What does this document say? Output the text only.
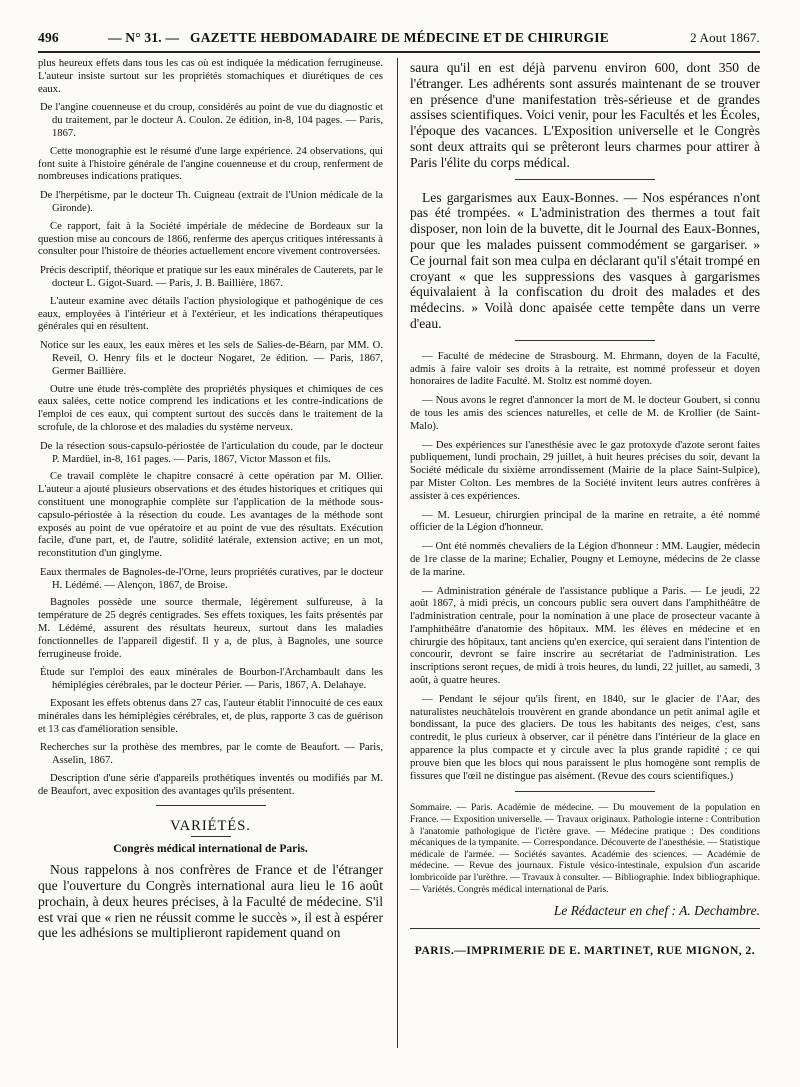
496	— N° 31. — GAZETTE HEBDOMADAIRE DE MÉDECINE ET DE CHIRURGIE	2 Aout 1867.

plus heureux effets dans tous les cas où est indiquée la médication ferrugineuse. L'auteur insiste surtout sur les propriétés stomachiques et diurétiques de ces eaux.

De l'angine couenneuse et du croup, considérés au point de vue du diagnostic et du traitement, par le docteur A. Coulon. 2e édition, in-8, 104 pages. — Paris, 1867.

Cette monographie est le résumé d'une large expérience. 24 observations, qui font suite à l'histoire générale de l'angine couenneuse et du croup, renferment de nombreuses indications pratiques.

De l'herpétisme, par le docteur Th. Cuigneau (extrait de l'Union médicale de la Gironde).

Ce rapport, fait à la Société impériale de médecine de Bordeaux sur la question mise au concours de 1866, renferme des aperçus critiques intéressants à consulter pour l'histoire de théories actuellement encore vivement controversées.

Précis descriptif, théorique et pratique sur les eaux minérales de Cauterets, par le docteur L. Gigot-Suard. — Paris, J. B. Baillière, 1867.

L'auteur examine avec détails l'action physiologique et pathogénique de ces eaux, employées à l'intérieur et à l'extérieur, et les indications thérapeutiques générales qui en résultent.

Notice sur les eaux, les eaux mères et les sels de Salies-de-Béarn, par MM. O. Reveil, O. Henry fils et le docteur Nogaret, 2e édition. — Paris, 1867, Germer Baillière.

Outre une étude très-complète des propriétés physiques et chimiques de ces eaux salées, cette notice comprend les indications et les contre-indications de l'emploi de ces eaux, qui comptent surtout des succès dans le traitement de la scrofule, de la chlorose et des maladies du système nerveux.

De la résection sous-capsulo-périostée de l'articulation du coude, par le docteur P. Mardüel, in-8, 161 pages. — Paris, 1867, Victor Masson et fils.

Ce travail complète le chapitre consacré à cette opération par M. Ollier. L'auteur a ajouté plusieurs observations et des études historiques et critiques qui constituent une monographie complète sur l'application de la méthode sous-capsulo-périostée à la résection du coude. Les avantages de la méthode sont exposés au point de vue opératoire et au point de vue des résultats. Exécution facile, d'une part, et, de l'autre, solidité latérale, extension active; en un mot, reconstitution d'un ginglyme.

Eaux thermales de Bagnoles-de-l'Orne, leurs propriétés curatives, par le docteur H. Lédémé. — Alençon, 1867, de Broise.

Bagnoles possède une source thermale, légèrement sulfureuse, à la température de 25 degrés centigrades. Ses effets toxiques, les faits présentés par M. Lédémé, assurent des résultats heureux, surtout dans les maladies fonctionnelles de l'appareil digestif. Il y a, de plus, à Bagnoles, une source ferrugineuse froide.

Étude sur l'emploi des eaux minérales de Bourbon-l'Archambault dans les hémiplégies cérébrales, par le docteur Périer. — Paris, 1867, A. Delahaye.

Exposant les effets obtenus dans 27 cas, l'auteur établit l'innocuité de ces eaux minérales dans les hémiplégies cérébrales, et, de plus, rapporte 3 cas de guérison et 13 cas d'amélioration sensible.

Recherches sur la prothèse des membres, par le comte de Beaufort. — Paris, Asselin, 1867.

Description d'une série d'appareils prothétiques inventés ou modifiés par M. de Beaufort, avec exposition des avantages qu'ils présentent.

VARIÉTÉS.

Congrès médical international de Paris.

Nous rappelons à nos confrères de France et de l'étranger que l'ouverture du Congrès international aura lieu le 16 août prochain, à deux heures précises, à la Faculté de médecine. S'il est vrai que « rien ne réussit comme le succès », il est à espérer que les adhésions se multiplieront rapidement quand on

saura qu'il en est déjà parvenu environ 600, dont 350 de l'étranger. Les adhérents sont assurés maintenant de se trouver en présence d'une manifestation très-sérieuse et de grandes assises scientifiques. Voici venir, pour les Facultés et les Écoles, l'époque des vacances. L'Exposition universelle et le Congrès sont deux attraits qui se prêteront leurs charmes pour attirer à Paris l'élite du corps médical.

Les gargarismes aux Eaux-Bonnes. — Nos espérances n'ont pas été trompées. « L'administration des thermes a tout fait disposer, non loin de la buvette, dit le Journal des Eaux-Bonnes, pour que les malades puissent commodément se gargariser. » Ce journal fait son mea culpa en déclarant qu'il s'était trompé en croyant « que les suppressions des vasques à gargarismes équivalaient à la confiscation du droit des malades et des médecins. » Voilà donc apaisée cette tempête dans un verre d'eau.

— Faculté de médecine de Strasbourg. M. Ehrmann, doyen de la Faculté, admis à faire valoir ses droits à la retraite, est nommé professeur et doyen honoraires de ladite Faculté. M. Stoltz est nommé doyen.

— Nous avons le regret d'annoncer la mort de M. le docteur Goubert, si connu de tous les amis des sciences naturelles, et celle de M. de Krollier (de Saint-Malo).

— Des expériences sur l'anesthésie avec le gaz protoxyde d'azote seront faites publiquement, lundi prochain, 29 juillet, à huit heures précises du soir, devant la Société médicale du sixième arrondissement (Mairie de la place Saint-Sulpice), par Mister Colton. Les membres de la Société invitent leurs autres confrères à assister à ces expériences.

— M. Lesueur, chirurgien principal de la marine en retraite, a été nommé officier de la Légion d'honneur.

— Ont été nommés chevaliers de la Légion d'honneur : MM. Laugier, médecin de 1re classe de la marine; Echalier, Pougny et Lemoyne, médecins de 2e classe de la marine.

— Administration générale de l'assistance publique a Paris. — Le jeudi, 22 août 1867, à midi précis, un concours public sera ouvert dans l'amphithéâtre de l'administration centrale, pour la nomination à une place de prosecteur vacante à l'amphithéâtre d'anatomie des hôpitaux. MM. les élèves en médecine et en chirurgie des hôpitaux, tant anciens qu'en exercice, qui seraient dans l'intention de concourir, devront se faire inscrire au secrétariat de l'administration. Les inscriptions seront reçues, de midi à trois heures, du lundi, 22 juillet, au samedi, 3 août, à quatre heures.

— Pendant le séjour qu'ils firent, en 1840, sur le glacier de l'Aar, des naturalistes neuchâtelois trouvèrent en grande abondance un petit animal agile et bondissant, la puce des glaciers. De tous les habitants des neiges, c'est, sans contredit, le plus curieux à observer, car il pénètre dans l'intérieur de la glace en apparence la plus compacte et y circule avec la plus grande rapidité ; ce qui prouve bien que les blocs qui nous paraissent le plus homogène sont remplis de fissures que l'œil ne distingue pas aisément. (Revue des cours scientifiques.)

Sommaire. — Paris. Académie de médecine. — Du mouvement de la population en France. — Exposition universelle. — Travaux originaux. Pathologie interne : Contribution à l'anatomie pathologique de l'ictère grave. — Médecine pratique : Des conditions mécaniques de la tympanite. — Correspondance. Découverte de l'anesthésie. — Statistique médicale de l'armée. — Sociétés savantes. Académie des sciences. — Académie de médecine. — Revue des journaux. Fistule vésico-intestinale, expulsion d'un ascaride lombricoïde par l'urèthre. — Travaux à consulter. — Bibliographie. Index bibliographique. — Variétés. Congrès médical international de Paris.

Le Rédacteur en chef : A. Dechambre.

PARIS.—IMPRIMERIE DE E. MARTINET, RUE MIGNON, 2.
